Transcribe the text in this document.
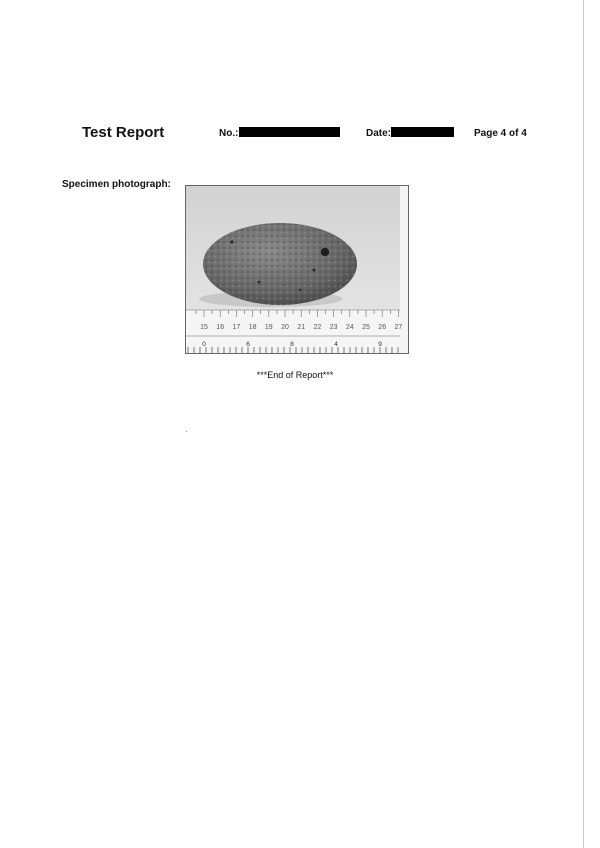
Test Report	No.:	Date:	Page 4 of 4
Specimen photograph:
15 16 17 18 19 20 21 22 23 24 25 26 27
0	6	8	4	9
***End of Report***
